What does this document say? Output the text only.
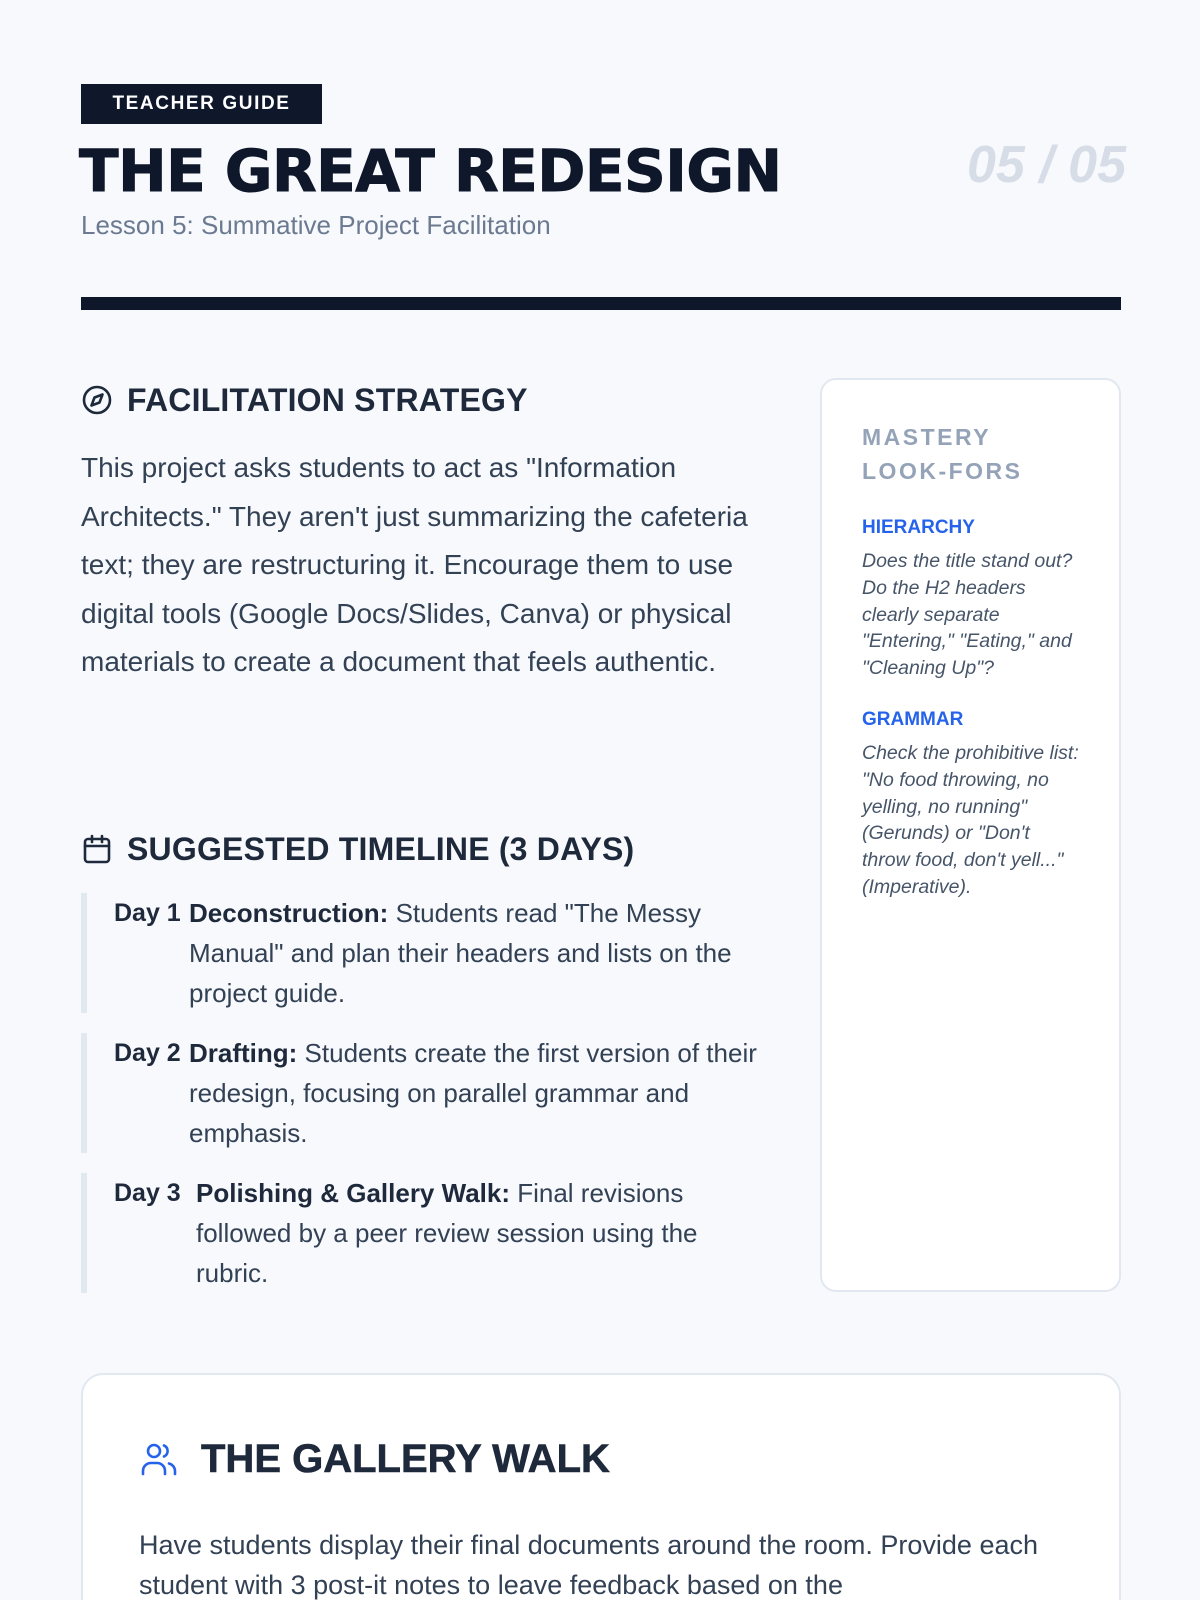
TEACHER GUIDE
THE GREAT REDESIGN	05 / 05
Lesson 5: Summative Project Facilitation
FACILITATION STRATEGY

This project asks students to act as "Information Architects." They aren't just summarizing the cafeteria text; they are restructuring it. Encourage them to use digital tools (Google Docs/Slides, Canva) or physical materials to create a document that feels authentic.

SUGGESTED TIMELINE (3 DAYS)
Day 1 Deconstruction: Students read "The Messy Manual" and plan their headers and lists on the project guide.
Day 2 Drafting: Students create the first version of their redesign, focusing on parallel grammar and emphasis.
Day 3 Polishing & Gallery Walk: Final revisions followed by a peer review session using the rubric.
MASTERY LOOK-FORS
HIERARCHY
Does the title stand out? Do the H2 headers clearly separate "Entering," "Eating," and "Cleaning Up"?
GRAMMAR
Check the prohibitive list: "No food throwing, no yelling, no running" (Gerunds) or "Don't throw food, don't yell..." (Imperative).
THE GALLERY WALK

Have students display their final documents around the room. Provide each student with 3 post-it notes to leave feedback based on the
